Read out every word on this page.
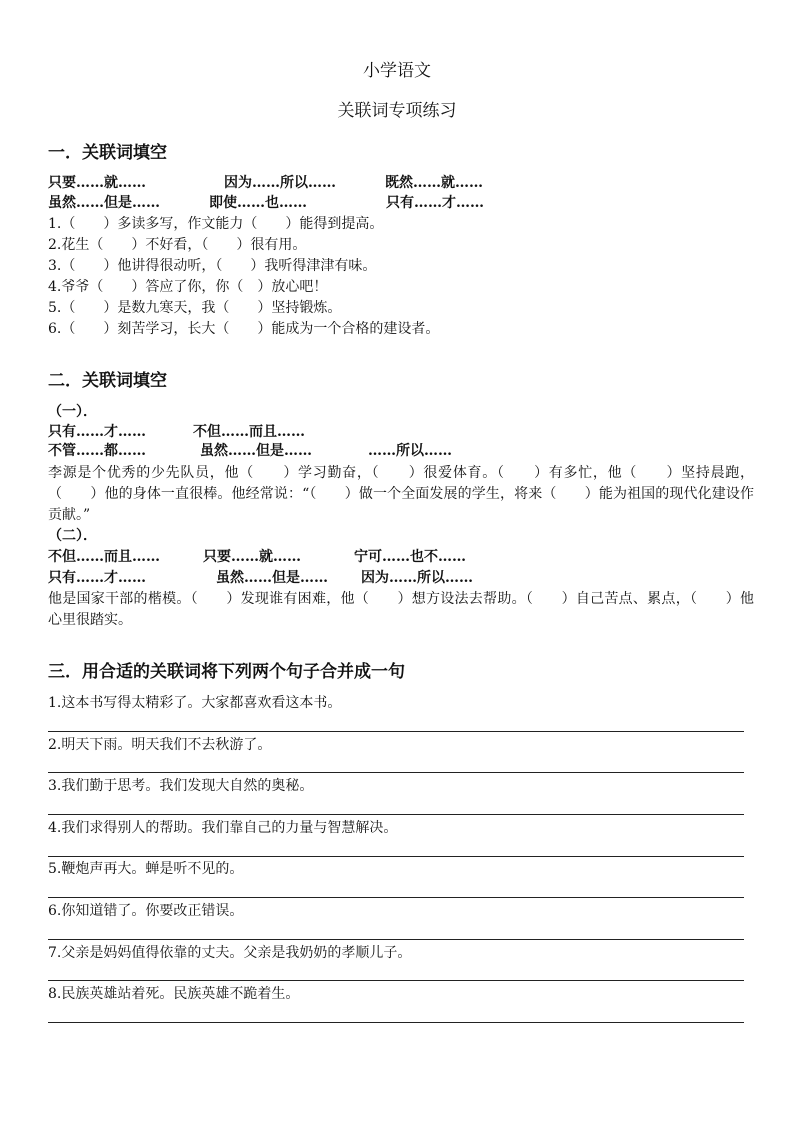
小学语文
关联词专项练习
一．关联词填空
只要……就……	因为……所以……	既然……就……
虽然……但是……	即使……也……	只有……才……
1.（　　）多读多写，作文能力（　　）能得到提高。
2.花生（　　）不好看，（　　）很有用。
3.（　　）他讲得很动听，（　　）我听得津津有味。
4.爷爷（　　）答应了你，你（　）放心吧！
5.（　　）是数九寒天，我（　　）坚持锻炼。
6.（　　）刻苦学习，长大（　　）能成为一个合格的建设者。
二．关联词填空
（一）．
只有……才……	不但……而且……
不管……都……	虽然……但是……	……所以……
李源是个优秀的少先队员，他（　　）学习勤奋，（　　）很爱体育。（　　）有多忙，他（　　）坚持晨跑，（　　）他的身体一直很棒。他经常说：“（　　）做一个全面发展的学生，将来（　　）能为祖国的现代化建设作贡献。”
（二）．
不但……而且……	只要……就……	宁可……也不……
只有……才……	虽然……但是…… 因为……所以……
他是国家干部的楷模。（　　）发现谁有困难，他（　　）想方设法去帮助。（　　）自己苦点、累点，（　　）他心里很踏实。
三．用合适的关联词将下列两个句子合并成一句
1.这本书写得太精彩了。大家都喜欢看这本书。
2.明天下雨。明天我们不去秋游了。
3.我们勤于思考。我们发现大自然的奥秘。
4.我们求得别人的帮助。我们靠自己的力量与智慧解决。
5.鞭炮声再大。蝉是听不见的。
6.你知道错了。你要改正错误。
7.父亲是妈妈值得依靠的丈夫。父亲是我奶奶的孝顺儿子。
8.民族英雄站着死。民族英雄不跪着生。
